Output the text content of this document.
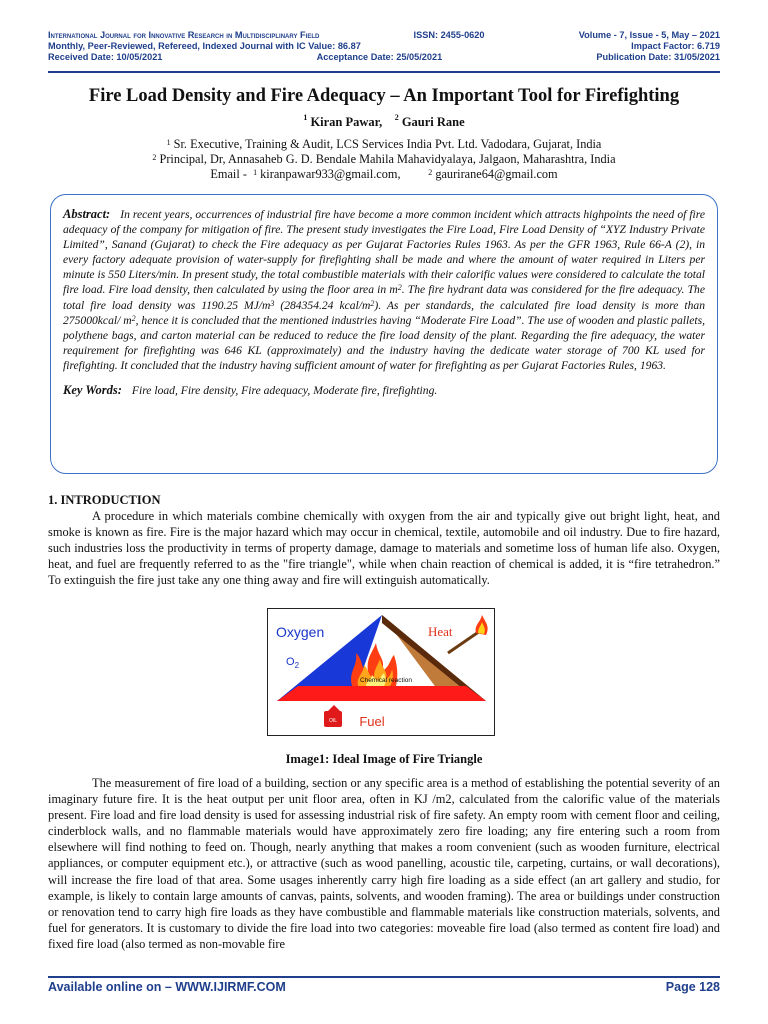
International Journal for Innovative Research in Multidisciplinary Field	ISSN: 2455-0620	Volume - 7, Issue - 5, May – 2021
Monthly, Peer-Reviewed, Refereed, Indexed Journal with IC Value: 86.87	Impact Factor: 6.719
Received Date: 10/05/2021	Acceptance Date: 25/05/2021	Publication Date: 31/05/2021
Fire Load Density and Fire Adequacy – An Important Tool for Firefighting
$^1$ Kiran Pawar, $^2$ Gauri Rane
$^1$ Sr. Executive, Training & Audit, LCS Services India Pvt. Ltd. Vadodara, Gujarat, India
$^2$ Principal, Dr, Annasaheb G. D. Bendale Mahila Mahavidyalaya, Jalgaon, Maharashtra, India
Email - $^1$ kiranpawar933@gmail.com,	$^2$ gaurirane64@gmail.com
Abstract: In recent years, occurrences of industrial fire have become a more common incident which attracts highpoints the need of fire adequacy of the company for mitigation of fire. The present study investigates the Fire Load, Fire Load Density of “XYZ Industry Private Limited”, Sanand (Gujarat) to check the Fire adequacy as per Gujarat Factories Rules 1963. As per the GFR 1963, Rule 66-A (2), in every factory adequate provision of water-supply for firefighting shall be made and where the amount of water required in Liters per minute is 550 Liters/min. In present study, the total combustible materials with their calorific values were considered to calculate the total fire load. Fire load density, then calculated by using the floor area in $m^2$. The fire hydrant data was considered for the fire adequacy. The total fire load density was 1190.25 $MJ/m^3$ (284354.24 kcal/$m^2$). As per standards, the calculated fire load density is more than 275000kcal/ $m^2$, hence it is concluded that the mentioned industries having “Moderate Fire Load”. The use of wooden and plastic pallets, polythene bags, and carton material can be reduced to reduce the fire load density of the plant. Regarding the fire adequacy, the water requirement for firefighting was 646 KL (approximately) and the industry having the dedicate water storage of 700 KL used for firefighting. It concluded that the industry having sufficient amount of water for firefighting as per Gujarat Factories Rules, 1963.
Key Words: Fire load, Fire density, Fire adequacy, Moderate fire, firefighting.
1. INTRODUCTION
A procedure in which materials combine chemically with oxygen from the air and typically give out bright light, heat, and smoke is known as fire. Fire is the major hazard which may occur in chemical, textile, automobile and oil industry. Due to fire hazard, such industries loss the productivity in terms of property damage, damage to materials and sometime loss of human life also. Oxygen, heat, and fuel are frequently referred to as the "fire triangle", while when chain reaction of chemical is added, it is “fire tetrahedron.” To extinguish the fire just take any one thing away and fire will extinguish automatically.
Oxygen
$O_2$
Heat
Chemical reaction
OIL Fuel
Image1: Ideal Image of Fire Triangle
The measurement of fire load of a building, section or any specific area is a method of establishing the potential severity of an imaginary future fire. It is the heat output per unit floor area, often in KJ /m2, calculated from the calorific value of the materials present. Fire load and fire load density is used for assessing industrial risk of fire safety. An empty room with cement floor and ceiling, cinderblock walls, and no flammable materials would have approximately zero fire loading; any fire entering such a room from elsewhere will find nothing to feed on. Though, nearly anything that makes a room convenient (such as wooden furniture, electrical appliances, or computer equipment etc.), or attractive (such as wood panelling, acoustic tile, carpeting, curtains, or wall decorations), will increase the fire load of that area. Some usages inherently carry high fire loading as a side effect (an art gallery and studio, for example, is likely to contain large amounts of canvas, paints, solvents, and wooden framing). The area or buildings under construction or renovation tend to carry high fire loads as they have combustible and flammable materials like construction materials, solvents, and fuel for generators. It is customary to divide the fire load into two categories: moveable fire load (also termed as content fire load) and fixed fire load (also termed as non-movable fire
Available online on – WWW.IJIRMF.COM	Page 128
